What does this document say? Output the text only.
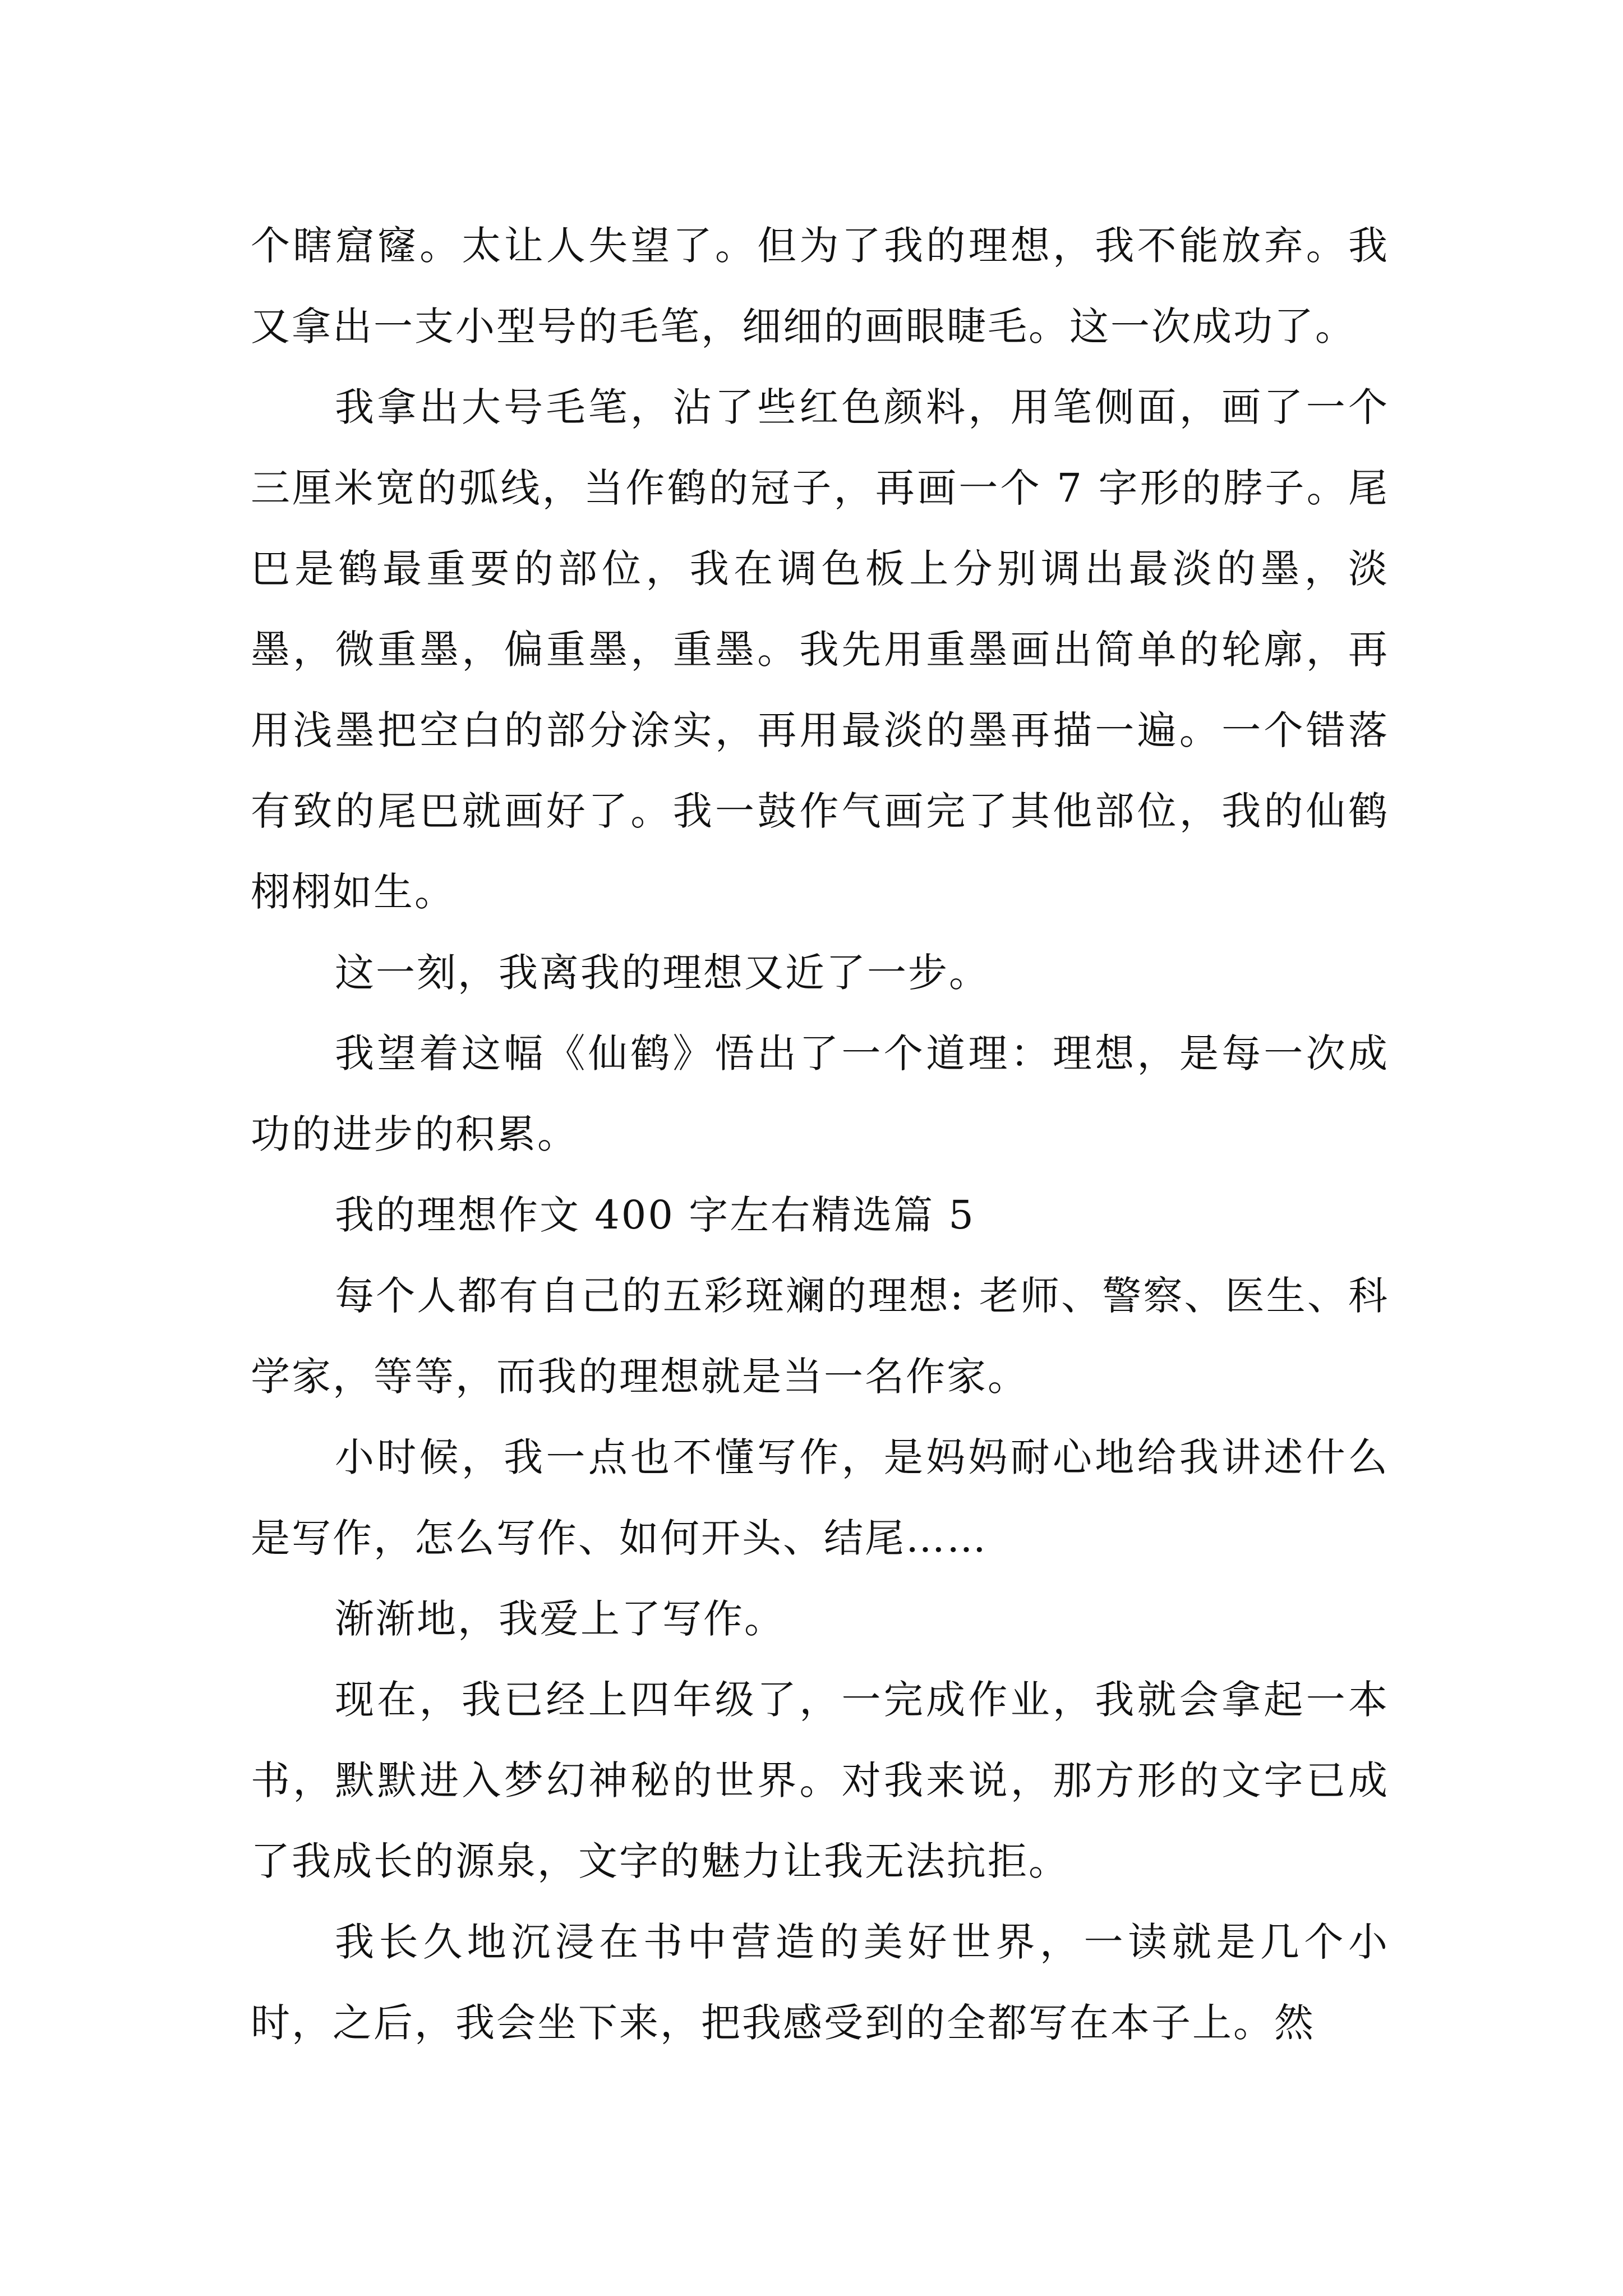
个瞎窟窿。太让人失望了。但为了我的理想，我不能放弃。我又拿出一支小型号的毛笔，细细的画眼睫毛。这一次成功了。

我拿出大号毛笔，沾了些红色颜料，用笔侧面，画了一个三厘米宽的弧线，当作鹤的冠子，再画一个 7 字形的脖子。尾巴是鹤最重要的部位，我在调色板上分别调出最淡的墨，淡墨，微重墨，偏重墨，重墨。我先用重墨画出简单的轮廓，再用浅墨把空白的部分涂实，再用最淡的墨再描一遍。一个错落有致的尾巴就画好了。我一鼓作气画完了其他部位，我的仙鹤栩栩如生。

这一刻，我离我的理想又近了一步。

我望着这幅《仙鹤》悟出了一个道理：理想，是每一次成功的进步的积累。

我的理想作文 400 字左右精选篇 5

每个人都有自己的五彩斑斓的理想: 老师、警察、医生、科学家，等等，而我的理想就是当一名作家。

小时候，我一点也不懂写作，是妈妈耐心地给我讲述什么是写作，怎么写作、如何开头、结尾……

渐渐地，我爱上了写作。

现在，我已经上四年级了，一完成作业，我就会拿起一本书，默默进入梦幻神秘的世界。对我来说，那方形的文字已成了我成长的源泉，文字的魅力让我无法抗拒。

我长久地沉浸在书中营造的美好世界，一读就是几个小时，之后，我会坐下来，把我感受到的全都写在本子上。然
